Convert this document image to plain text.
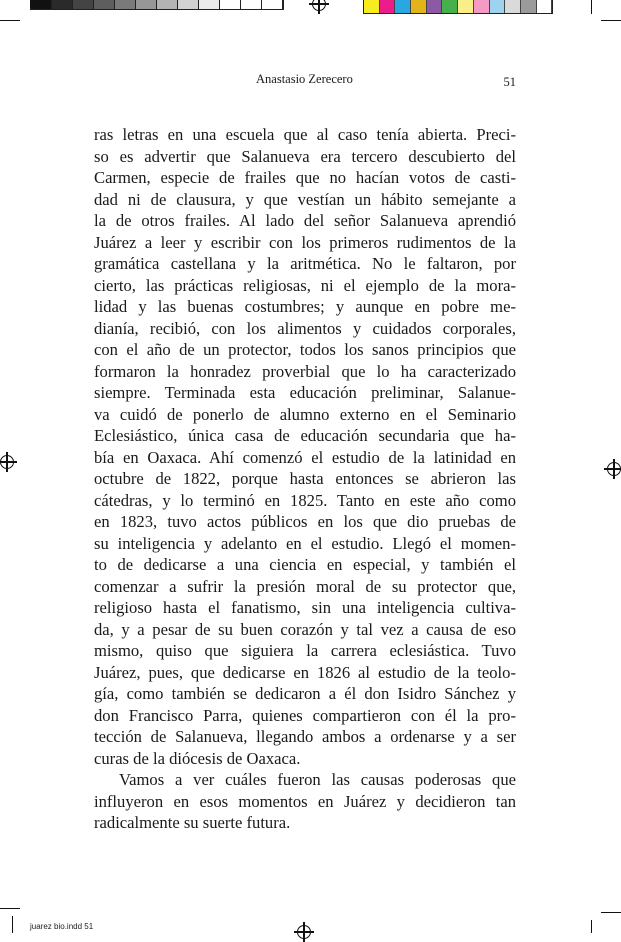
Anastasio Zerecero	51
ras letras en una escuela que al caso tenía abierta. Preci-
so es advertir que Salanueva era tercero descubierto del
Carmen, especie de frailes que no hacían votos de casti-
dad ni de clausura, y que vestían un hábito semejante a
la de otros frailes. Al lado del señor Salanueva aprendió
Juárez a leer y escribir con los primeros rudimentos de la
gramática castellana y la aritmética. No le faltaron, por
cierto, las prácticas religiosas, ni el ejemplo de la mora-
lidad y las buenas costumbres; y aunque en pobre me-
dianía, recibió, con los alimentos y cuidados corporales,
con el año de un protector, todos los sanos principios que
formaron la honradez proverbial que lo ha caracterizado
siempre. Terminada esta educación preliminar, Salanue-
va cuidó de ponerlo de alumno externo en el Seminario
Eclesiástico, única casa de educación secundaria que ha-
bía en Oaxaca. Ahí comenzó el estudio de la latinidad en
octubre de 1822, porque hasta entonces se abrieron las
cátedras, y lo terminó en 1825. Tanto en este año como
en 1823, tuvo actos públicos en los que dio pruebas de
su inteligencia y adelanto en el estudio. Llegó el momen-
to de dedicarse a una ciencia en especial, y también el
comenzar a sufrir la presión moral de su protector que,
religioso hasta el fanatismo, sin una inteligencia cultiva-
da, y a pesar de su buen corazón y tal vez a causa de eso
mismo, quiso que siguiera la carrera eclesiástica. Tuvo
Juárez, pues, que dedicarse en 1826 al estudio de la teolo-
gía, como también se dedicaron a él don Isidro Sánchez y
don Francisco Parra, quienes compartieron con él la pro-
tección de Salanueva, llegando ambos a ordenarse y a ser
curas de la diócesis de Oaxaca.
Vamos a ver cuáles fueron las causas poderosas que
influyeron en esos momentos en Juárez y decidieron tan
radicalmente su suerte futura.
juarez bio.indd 51
